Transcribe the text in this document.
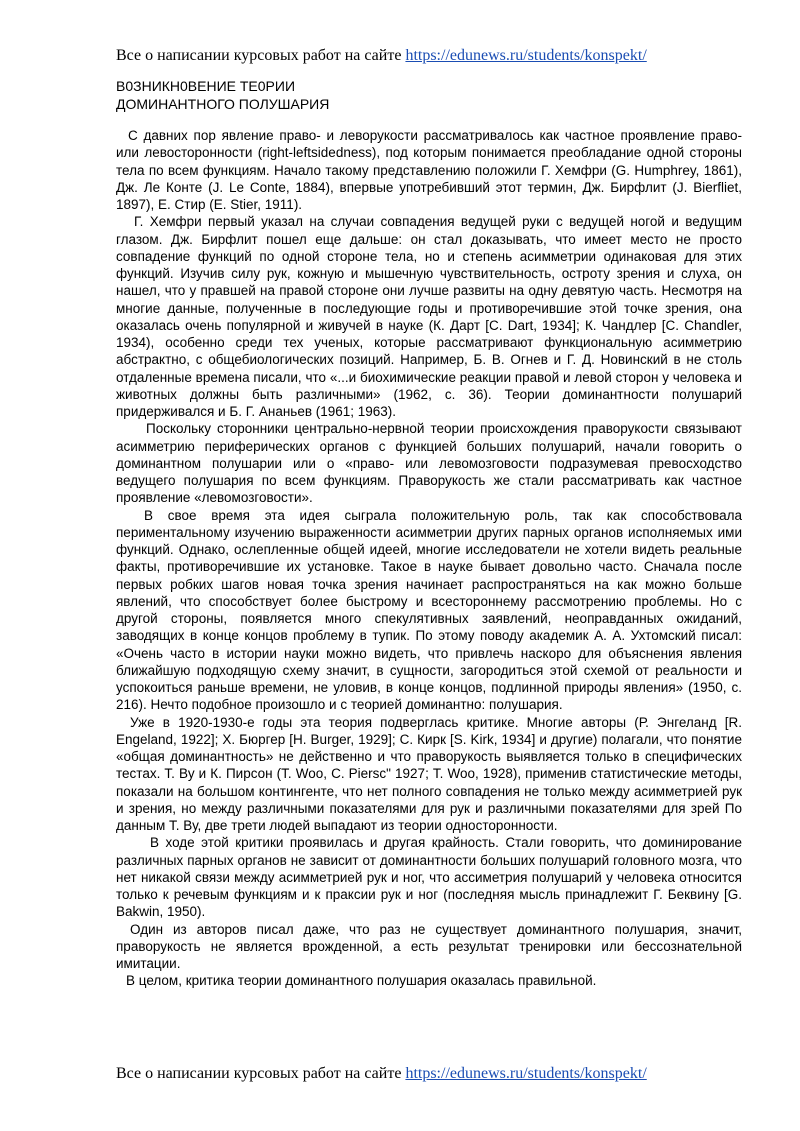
Все о написании курсовых работ на сайте https://edunews.ru/students/konspekt/
В0ЗНИКН0ВЕНИЕ ТЕ0РИИ
ДОМИНАНТНОГО ПОЛУШАРИЯ

С давних пор явление право- и леворукости рассматривалось как частное проявление право- или левосторонности (right-leftsidedness), под которым понимается преобладание одной стороны тела по всем функциям. Начало такому представлению положили Г. Хемфри (G. Humphrey, 1861), Дж. Ле Конте (J. Le Conte, 1884), впервые употребивший этот термин, Дж. Бирфлит (J. Bierfliet, 1897), Е. Стир (E. Stier, 1911).

Г. Хемфри первый указал на случаи совпадения ведущей руки с ведущей ногой и ведущим глазом. Дж. Бирфлит пошел еще дальше: он стал доказывать, что имеет место не просто совпадение функций по одной стороне тела, но и степень асимметрии одинаковая для этих функций. Изучив силу рук, кожную и мышечную чувствительность, остроту зрения и слуха, он нашел, что у правшей на правой стороне они лучше развиты на одну девятую часть. Несмотря на многие данные, полученные в последующие годы и противоречившие этой точке зрения, она оказалась очень популярной и живучей в науке (К. Дарт [С. Dart, 1934]; К. Чандлер [С. Chandler, 1934), особенно среди тех ученых, которые рассматривают функциональную асимметрию абстрактно, с общебиологических позиций. Например, Б. В. Огнев и Г. Д. Новинский в не столь отдаленные времена писали, что «...и биохимические реакции правой и левой сторон у человека и животных должны быть различными» (1962, с. 36). Теории доминантности полушарий придерживался и Б. Г. Ананьев (1961; 1963).

Поскольку сторонники центрально-нервной теории происхождения праворукости связывают асимметрию периферических органов с функцией больших полушарий, начали говорить о доминантном полушарии или о «право- или левомозговости подразумевая превосходство ведущего полушария по всем функциям. Праворукость же стали рассматривать как частное проявление «левомозговости».

В свое время эта идея сыграла положительную роль, так как способствовала периментальному изучению выраженности асимметрии других парных органов исполняемых ими функций. Однако, ослепленные общей идеей, многие исследователи не хотели видеть реальные факты, противоречившие их установке. Такое в науке бывает довольно часто. Сначала после первых робких шагов новая точка зрения начинает распространяться на как можно больше явлений, что способствует более быстрому и всестороннему рассмотрению проблемы. Но с другой стороны, появляется много спекулятивных заявлений, неоправданных ожиданий, заводящих в конце концов проблему в тупик. По этому поводу академик А. А. Ухтомский писал: «Очень часто в истории науки можно видеть, что привлечь наскоро для объяснения явления ближайшую подходящую схему значит, в сущности, загородиться этой схемой от реальности и успокоиться раньше времени, не уловив, в конце концов, подлинной природы явления» (1950, с. 216). Нечто подобное произошло и с теорией доминантно: полушария.

Уже в 1920-1930-е годы эта теория подверглась критике. Многие авторы (Р. Энгеланд [R. Engeland, 1922]; X. Бюргер [H. Burger, 1929]; С. Кирк [S. Kirk, 1934] и другие) полагали, что понятие «общая доминантность» не действенно и что праворукость выявляется только в специфических тестах. Т. Ву и К. Пирсон (Т. Woo, С. Piersc" 1927; Т. Woo, 1928), применив статистические методы, показали на большом контингенте, что нет полного совпадения не только между асимметрией рук и зрения, но между различными показателями для рук и различными показателями для зрей По данным Т. Ву, две трети людей выпадают из теории односторонности.

В ходе этой критики проявилась и другая крайность. Стали говорить, что доминирование различных парных органов не зависит от доминантности больших полушарий головного мозга, что нет никакой связи между асимметрией рук и ног, что ассиметрия полушарий у человека относится только к речевым функциям и к праксии рук и ног (последняя мысль принадлежит Г. Беквину [G. Bakwin, 1950).

Один из авторов писал даже, что раз не существует доминантного полушария, значит, праворукость не является врожденной, а есть результат тренировки или бессознательной имитации.

В целом, критика теории доминантного полушария оказалась правильной.

Все о написании курсовых работ на сайте https://edunews.ru/students/konspekt/
